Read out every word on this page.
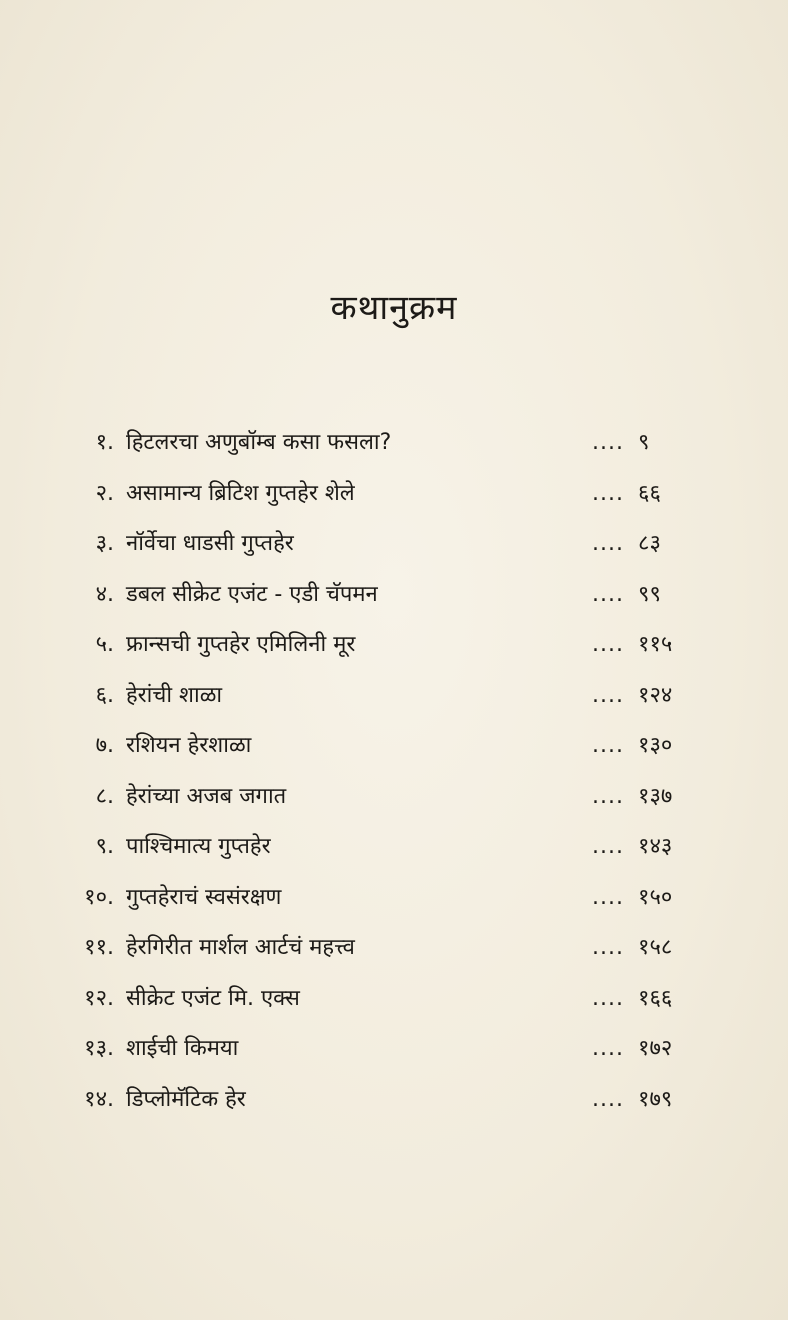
कथानुक्रम
१. हिटलरचा अणुबॉम्ब कसा फसला?	.... ९
२. असामान्य ब्रिटिश गुप्तहेर शेले	.... ६६
३. नॉर्वेचा धाडसी गुप्तहेर	.... ८३
४. डबल सीक्रेट एजंट - एडी चॅपमन	.... ९९
५. फ्रान्सची गुप्तहेर एमिलिनी मूर	.... ११५
६. हेरांची शाळा	.... १२४
७. रशियन हेरशाळा	.... १३०
८. हेरांच्या अजब जगात	.... १३७
९. पाश्चिमात्य गुप्तहेर	.... १४३
१०. गुप्तहेराचं स्वसंरक्षण	.... १५०
११. हेरगिरीत मार्शल आर्टचं महत्त्व	.... १५८
१२. सीक्रेट एजंट मि. एक्स	.... १६६
१३. शाईची किमया	.... १७२
१४. डिप्लोमॅटिक हेर	.... १७९
